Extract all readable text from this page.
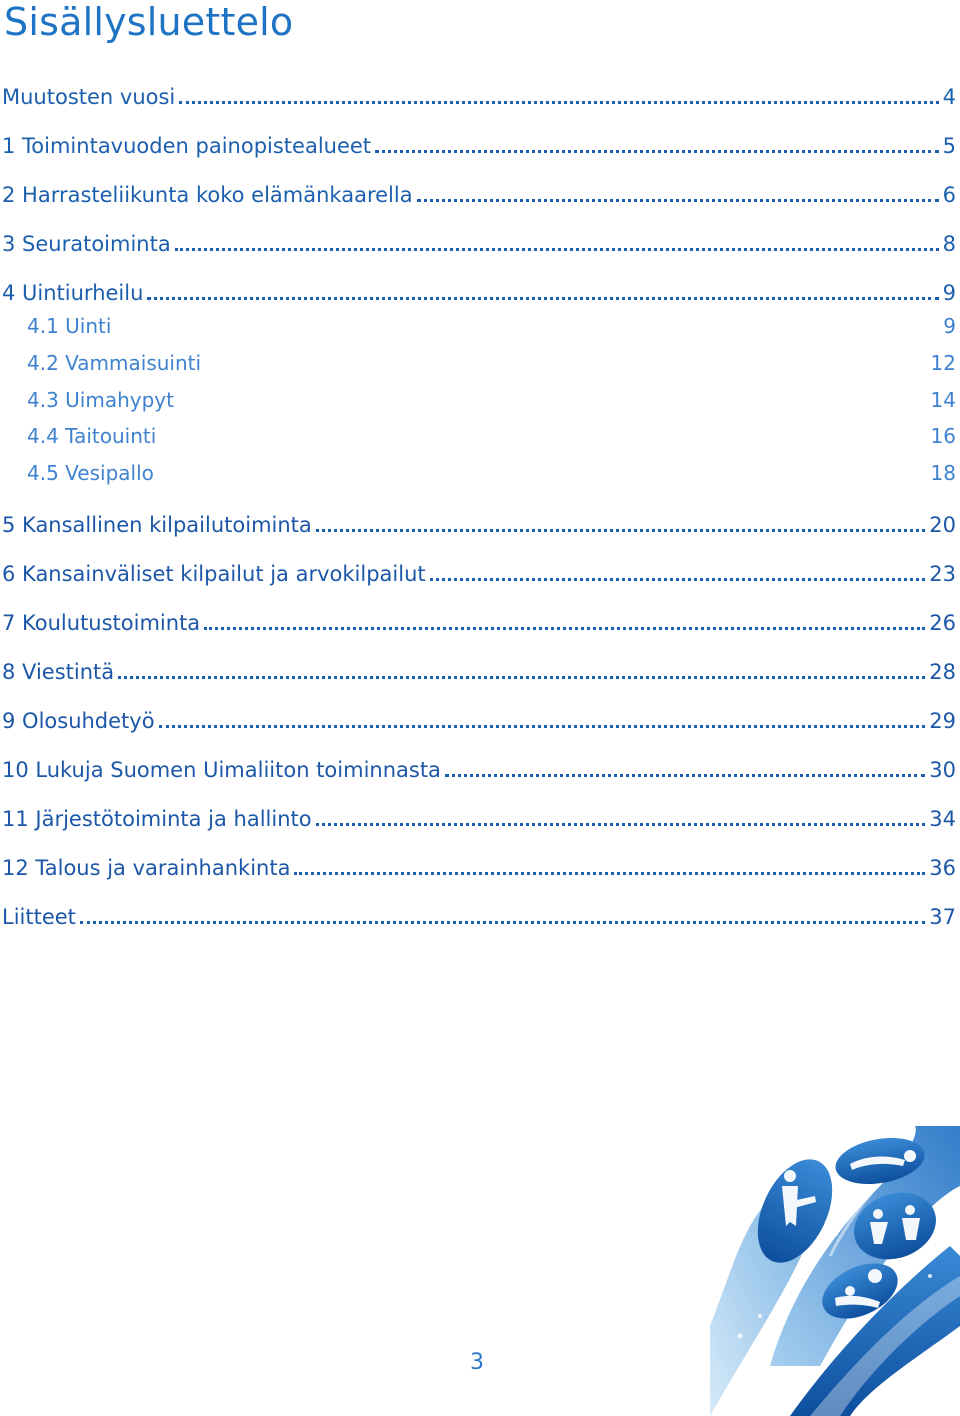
Sisällysluettelo
Muutosten vuosi	4
1 Toimintavuoden painopistealueet	5
2 Harrasteliikunta koko elämänkaarella	6
3 Seuratoiminta	8
4 Uintiurheilu	9
4.1 Uinti	9
4.2 Vammaisuinti	12
4.3 Uimahypyt	14
4.4 Taitouinti	16
4.5 Vesipallo	18
5 Kansallinen kilpailutoiminta	20
6 Kansainväliset kilpailut ja arvokilpailut	23
7 Koulutustoiminta	26
8 Viestintä	28
9 Olosuhdetyö	29
10 Lukuja Suomen Uimaliiton toiminnasta	30
11 Järjestötoiminta ja hallinto	34
12 Talous ja varainhankinta	36
Liitteet	37
3
